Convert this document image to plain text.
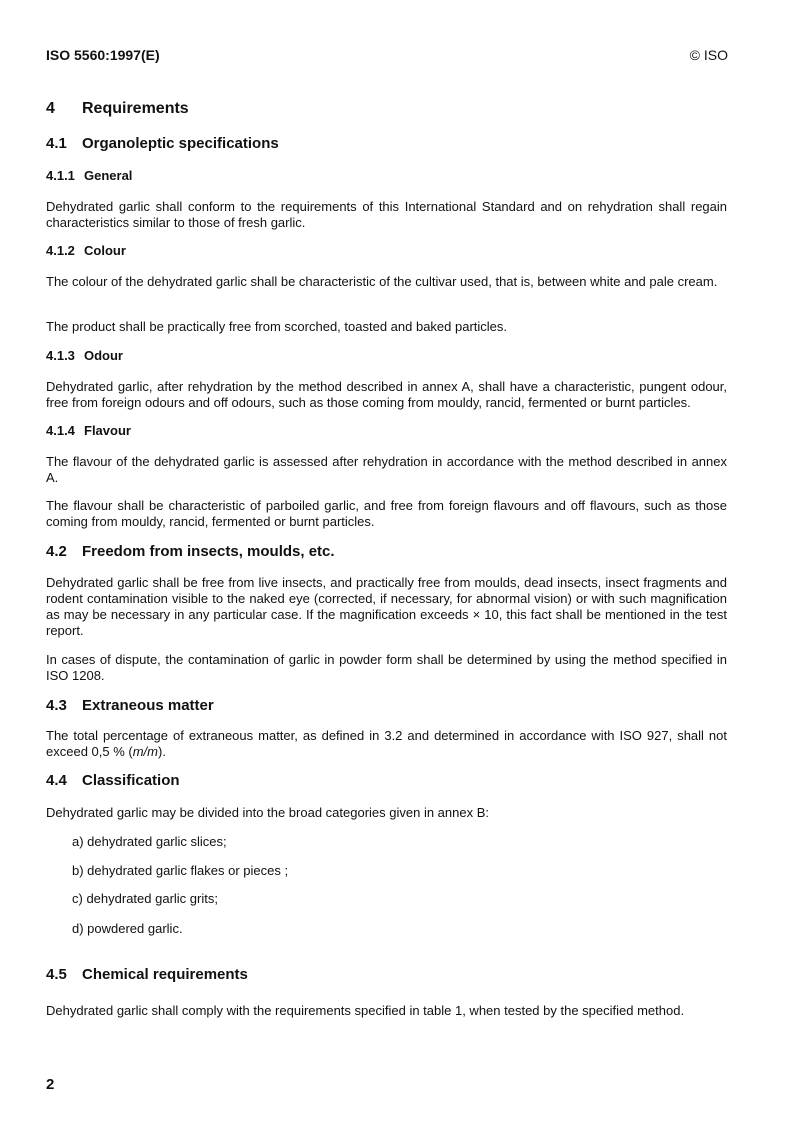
ISO 5560:1997(E)	© ISO
4 Requirements
4.1 Organoleptic specifications
4.1.1 General
Dehydrated garlic shall conform to the requirements of this International Standard and on rehydration shall regain characteristics similar to those of fresh garlic.
4.1.2 Colour
The colour of the dehydrated garlic shall be characteristic of the cultivar used, that is, between white and pale cream.
The product shall be practically free from scorched, toasted and baked particles.
4.1.3 Odour
Dehydrated garlic, after rehydration by the method described in annex A, shall have a characteristic, pungent odour, free from foreign odours and off odours, such as those coming from mouldy, rancid, fermented or burnt particles.
4.1.4 Flavour
The flavour of the dehydrated garlic is assessed after rehydration in accordance with the method described in annex A.
The flavour shall be characteristic of parboiled garlic, and free from foreign flavours and off flavours, such as those coming from mouldy, rancid, fermented or burnt particles.
4.2 Freedom from insects, moulds, etc.
Dehydrated garlic shall be free from live insects, and practically free from moulds, dead insects, insect fragments and rodent contamination visible to the naked eye (corrected, if necessary, for abnormal vision) or with such magnification as may be necessary in any particular case. If the magnification exceeds × 10, this fact shall be mentioned in the test report.
In cases of dispute, the contamination of garlic in powder form shall be determined by using the method specified in ISO 1208.
4.3 Extraneous matter
The total percentage of extraneous matter, as defined in 3.2 and determined in accordance with ISO 927, shall not exceed 0,5 % (m/m).
4.4 Classification
Dehydrated garlic may be divided into the broad categories given in annex B:
a) dehydrated garlic slices;
b) dehydrated garlic flakes or pieces ;
c) dehydrated garlic grits;
d) powdered garlic.
4.5 Chemical requirements
Dehydrated garlic shall comply with the requirements specified in table 1, when tested by the specified method.
2
